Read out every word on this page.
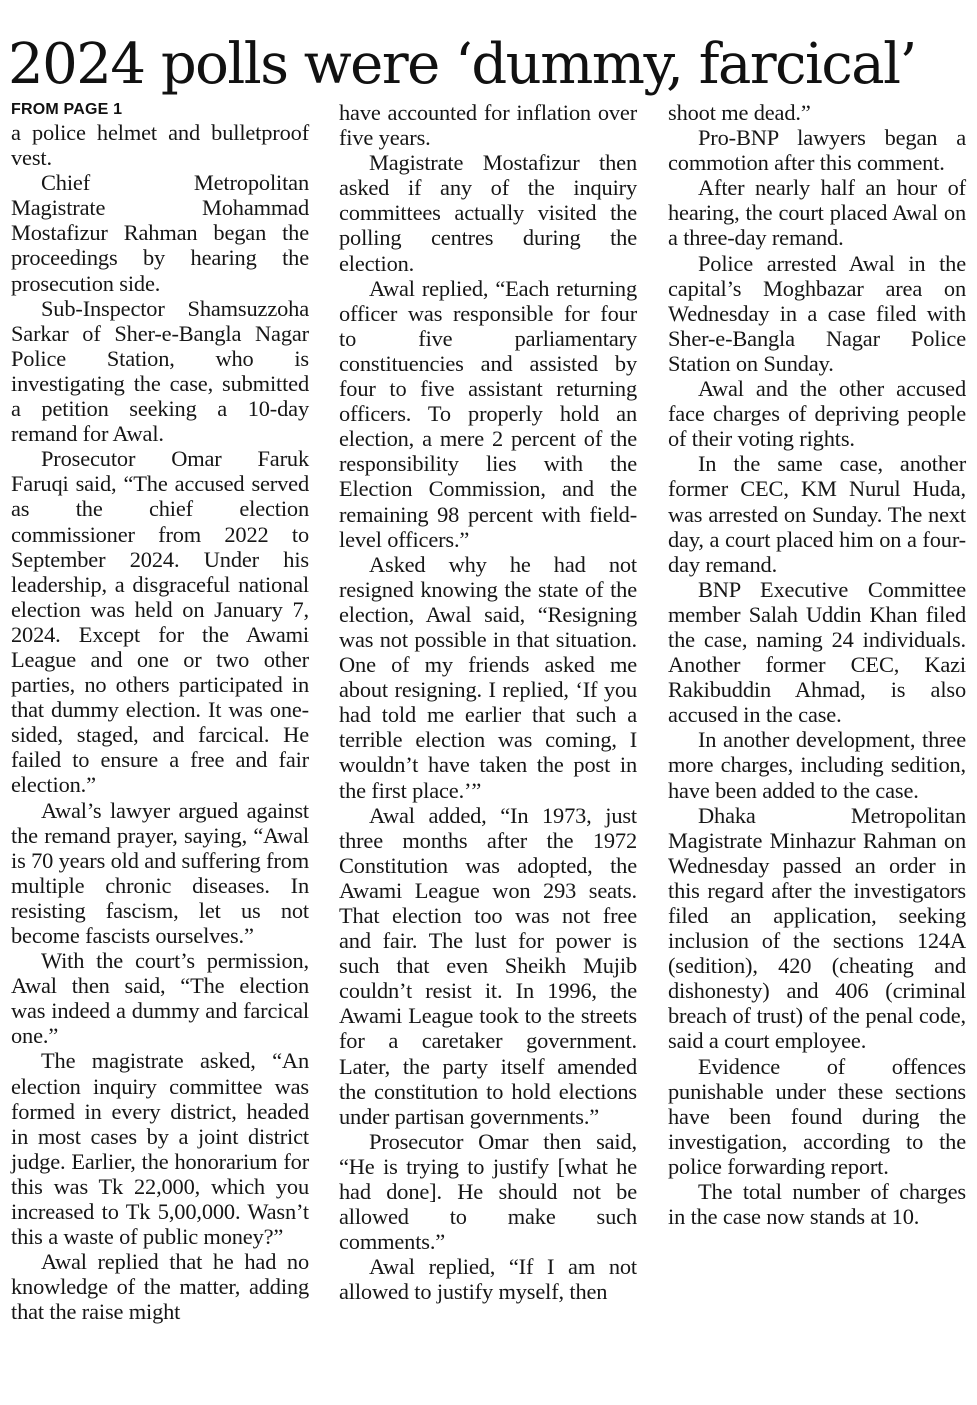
2024 polls were ‘dummy, farcical’
FROM PAGE 1

a police helmet and bulletproof vest.

Chief Metropolitan Magistrate Mohammad Mostafizur Rahman began the proceedings by hearing the prosecution side.

Sub-Inspector Shamsuzzoha Sarkar of Sher-e-Bangla Nagar Police Station, who is investigating the case, submitted a petition seeking a 10-day remand for Awal.

Prosecutor Omar Faruk Faruqi said, “The accused served as the chief election commissioner from 2022 to September 2024. Under his leadership, a disgraceful national election was held on January 7, 2024. Except for the Awami League and one or two other parties, no others participated in that dummy election. It was one-sided, staged, and farcical. He failed to ensure a free and fair election.”

Awal’s lawyer argued against the remand prayer, saying, “Awal is 70 years old and suffering from multiple chronic diseases. In resisting fascism, let us not become fascists ourselves.”

With the court’s permission, Awal then said, “The election was indeed a dummy and farcical one.”

The magistrate asked, “An election inquiry committee was formed in every district, headed in most cases by a joint district judge. Earlier, the honorarium for this was Tk 22,000, which you increased to Tk 5,00,000. Wasn’t this a waste of public money?”

Awal replied that he had no knowledge of the matter, adding that the raise might

have accounted for inflation over five years.

Magistrate Mostafizur then asked if any of the inquiry committees actually visited the polling centres during the election.

Awal replied, “Each returning officer was responsible for four to five parliamentary constituencies and assisted by four to five assistant returning officers. To properly hold an election, a mere 2 percent of the responsibility lies with the Election Commission, and the remaining 98 percent with field-level officers.”

Asked why he had not resigned knowing the state of the election, Awal said, “Resigning was not possible in that situation. One of my friends asked me about resigning. I replied, ‘If you had told me earlier that such a terrible election was coming, I wouldn’t have taken the post in the first place.’”

Awal added, “In 1973, just three months after the 1972 Constitution was adopted, the Awami League won 293 seats. That election too was not free and fair. The lust for power is such that even Sheikh Mujib couldn’t resist it. In 1996, the Awami League took to the streets for a caretaker government. Later, the party itself amended the constitution to hold elections under partisan governments.”

Prosecutor Omar then said, “He is trying to justify [what he had done]. He should not be allowed to make such comments.”

Awal replied, “If I am not allowed to justify myself, then

shoot me dead.”

Pro-BNP lawyers began a commotion after this comment.

After nearly half an hour of hearing, the court placed Awal on a three-day remand.

Police arrested Awal in the capital’s Moghbazar area on Wednesday in a case filed with Sher-e-Bangla Nagar Police Station on Sunday.

Awal and the other accused face charges of depriving people of their voting rights.

In the same case, another former CEC, KM Nurul Huda, was arrested on Sunday. The next day, a court placed him on a four-day remand.

BNP Executive Committee member Salah Uddin Khan filed the case, naming 24 individuals. Another former CEC, Kazi Rakibuddin Ahmad, is also accused in the case.

In another development, three more charges, including sedition, have been added to the case.

Dhaka Metropolitan Magistrate Minhazur Rahman on Wednesday passed an order in this regard after the investigators filed an application, seeking inclusion of the sections 124A (sedition), 420 (cheating and dishonesty) and 406 (criminal breach of trust) of the penal code, said a court employee.

Evidence of offences punishable under these sections have been found during the investigation, according to the police forwarding report.

The total number of charges in the case now stands at 10.
